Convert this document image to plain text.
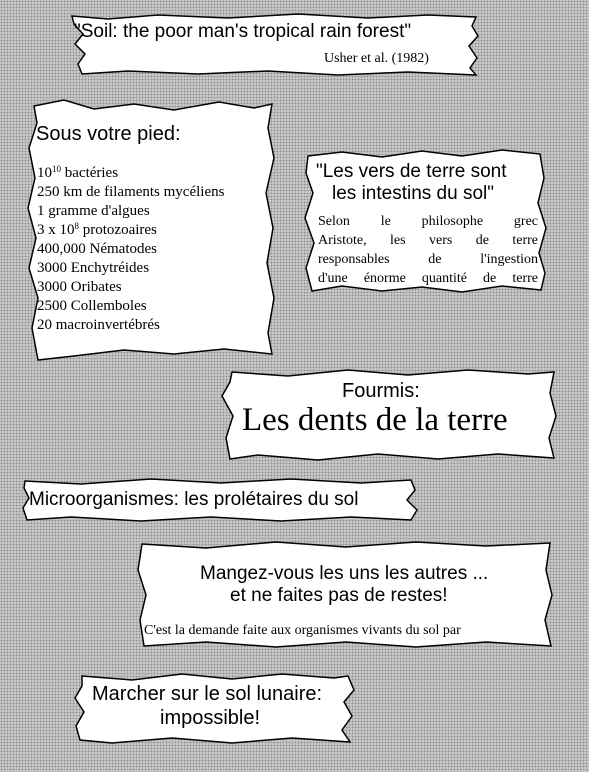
"Soil: the poor man's tropical rain forest"
Usher et al. (1982)
Sous votre pied:
$10^{10}$ bactéries
250 km de filaments mycéliens
1 gramme d'algues
3 x $10^8$ protozoaires
400,000 Nématodes
3000 Enchytréides
3000 Oribates
2500 Collemboles
20 macroinvertébrés
"Les vers de terre sont
les intestins du sol"
Selon le philosophe grec
Aristote, les vers de terre
responsables de l'ingestion
d'une énorme quantité de terre
Fourmis:
Les dents de la terre
Microorganismes: les prolétaires du sol
Mangez-vous les uns les autres ...
et ne faites pas de restes!
C'est la demande faite aux organismes vivants du sol par
Marcher sur le sol lunaire:
impossible!
